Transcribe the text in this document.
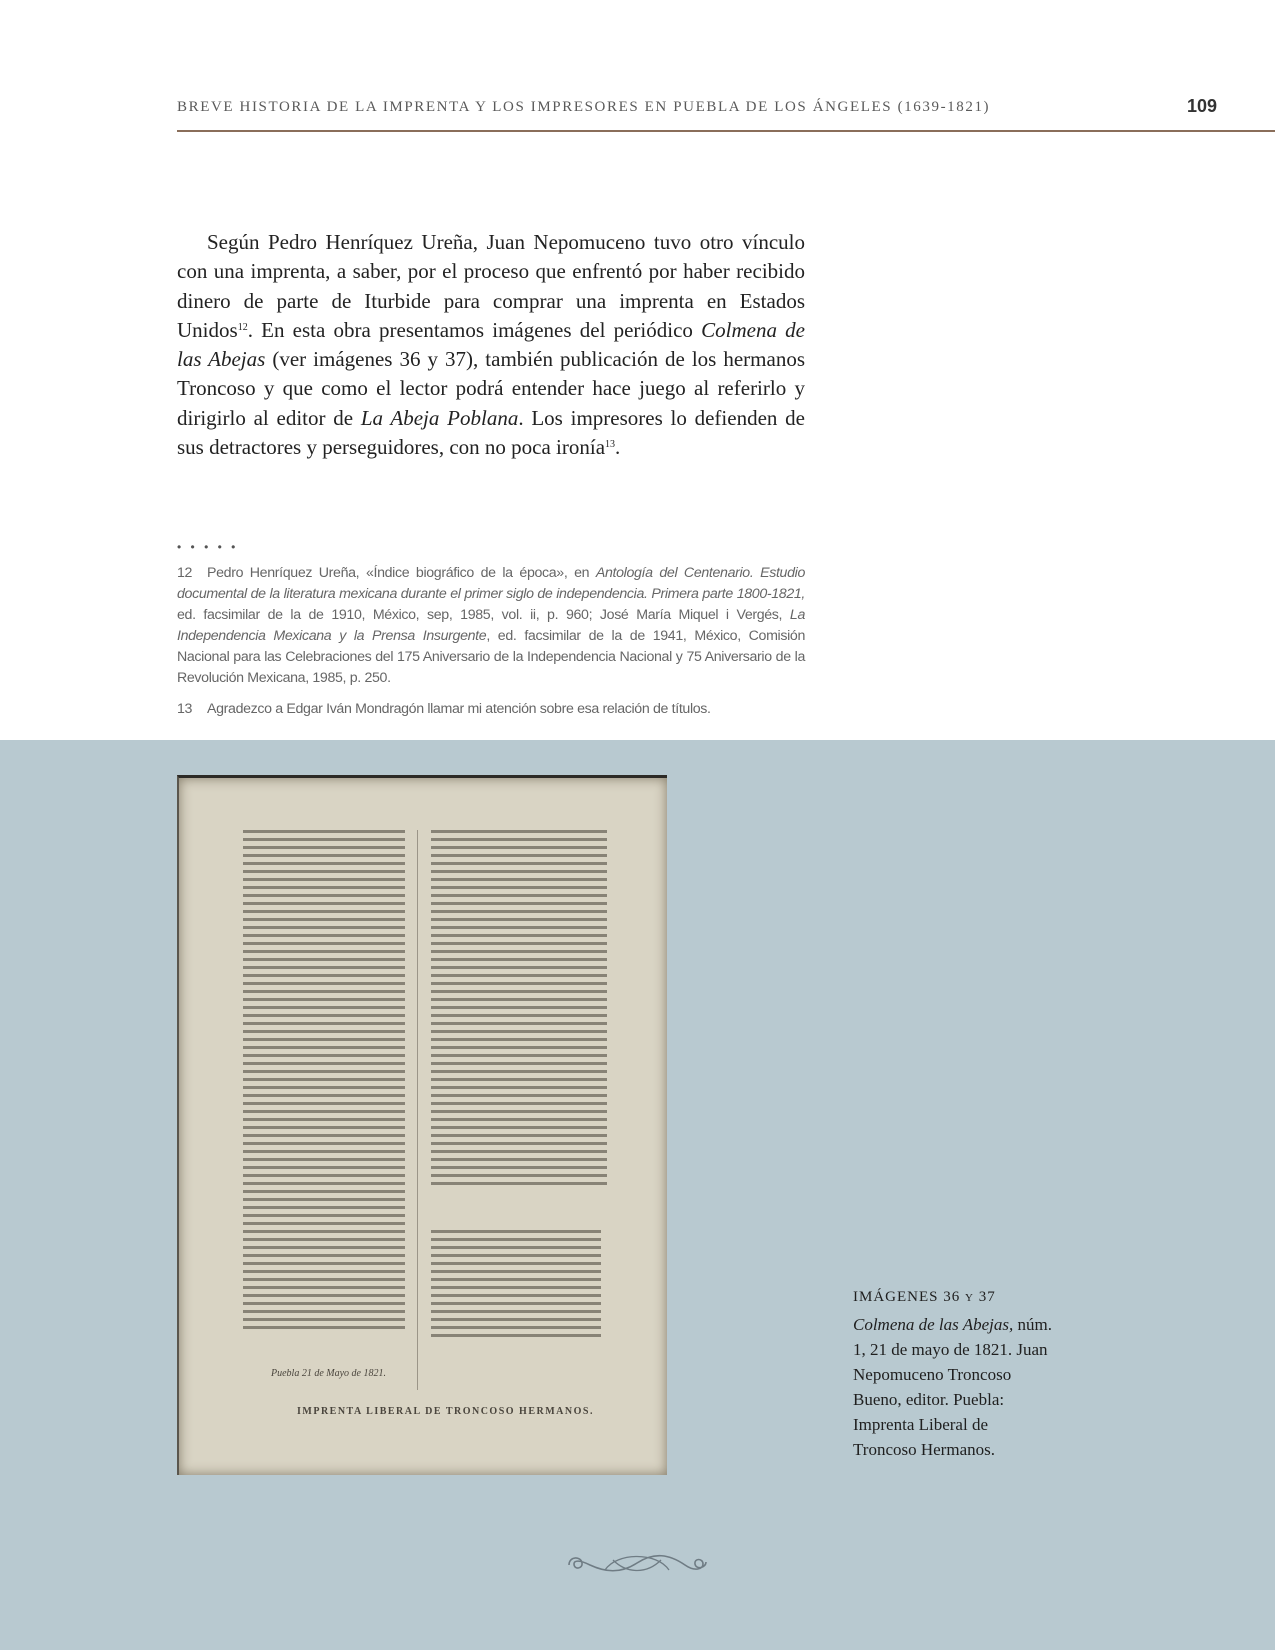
BREVE HISTORIA DE LA IMPRENTA Y LOS IMPRESORES EN PUEBLA DE LOS ÁNGELES (1639-1821)	109

Según Pedro Henríquez Ureña, Juan Nepomuceno tuvo otro vínculo con una imprenta, a saber, por el proceso que enfrentó por haber recibido dinero de parte de Iturbide para comprar una imprenta en Estados Unidos$^{12}$. En esta obra presentamos imágenes del periódico Colmena de las Abejas (ver imágenes 36 y 37), también publicación de los hermanos Troncoso y que como el lector podrá entender hace juego al referirlo y dirigirlo al editor de La Abeja Poblana. Los impresores lo defienden de sus detractores y perseguidores, con no poca ironía$^{13}$.

• • • • •

12 Pedro Henríquez Ureña, «Índice biográfico de la época», en Antología del Centenario. Estudio documental de la literatura mexicana durante el primer siglo de independencia. Primera parte 1800-1821, ed. facsimilar de la de 1910, México, sep, 1985, vol. ii, p. 960; José María Miquel i Vergés, La Independencia Mexicana y la Prensa Insurgente, ed. facsimilar de la de 1941, México, Comisión Nacional para las Celebraciones del 175 Aniversario de la Independencia Nacional y 75 Aniversario de la Revolución Mexicana, 1985, p. 250.

13 Agradezco a Edgar Iván Mondragón llamar mi atención sobre esa relación de títulos.

Puebla 21 de Mayo de 1821.
IMPRENTA LIBERAL DE TRONCOSO HERMANOS.
IMÁGENES 36 y 37
Colmena de las Abejas, núm. 1, 21 de mayo de 1821. Juan Nepomuceno Troncoso Bueno, editor. Puebla: Imprenta Liberal de Troncoso Hermanos.
